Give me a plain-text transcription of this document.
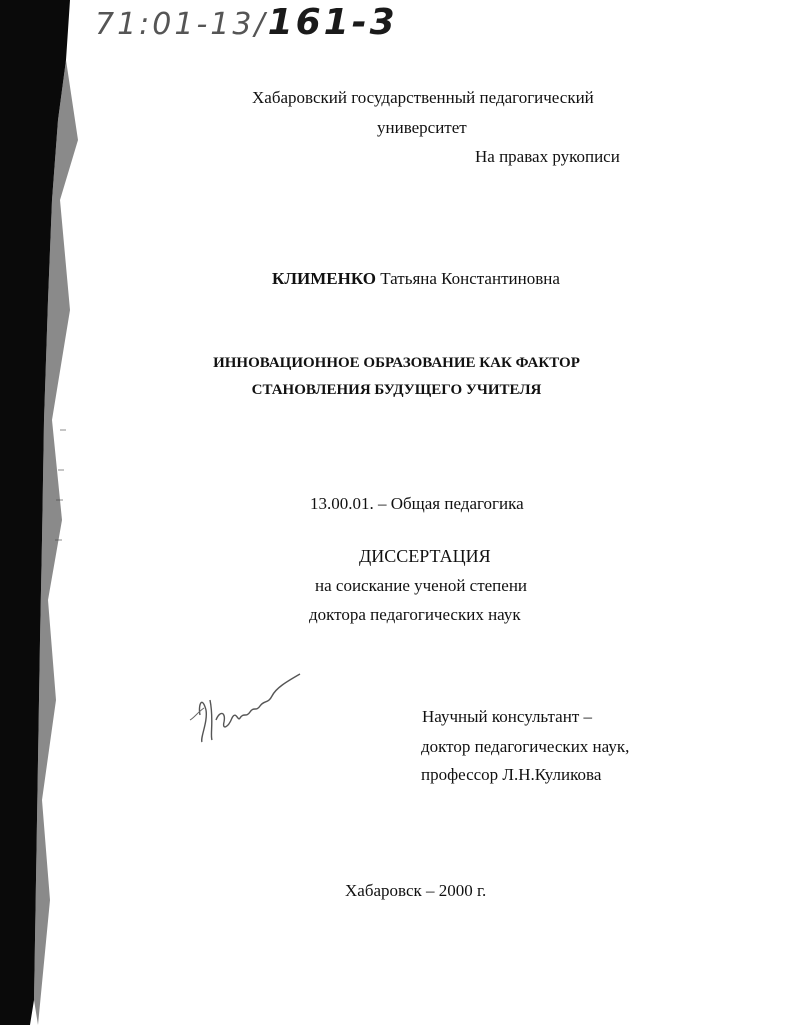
71:01-13/161-3
Хабаровский государственный педагогический
университет
На правах рукописи
КЛИМЕНКО Татьяна Константиновна
ИННОВАЦИОННОЕ ОБРАЗОВАНИЕ КАК ФАКТОР
СТАНОВЛЕНИЯ БУДУЩЕГО УЧИТЕЛЯ
13.00.01. – Общая педагогика
ДИССЕРТАЦИЯ
на соискание ученой степени
доктора педагогических наук
Научный консультант –
доктор педагогических наук,
профессор Л.Н.Куликова
Хабаровск – 2000 г.
